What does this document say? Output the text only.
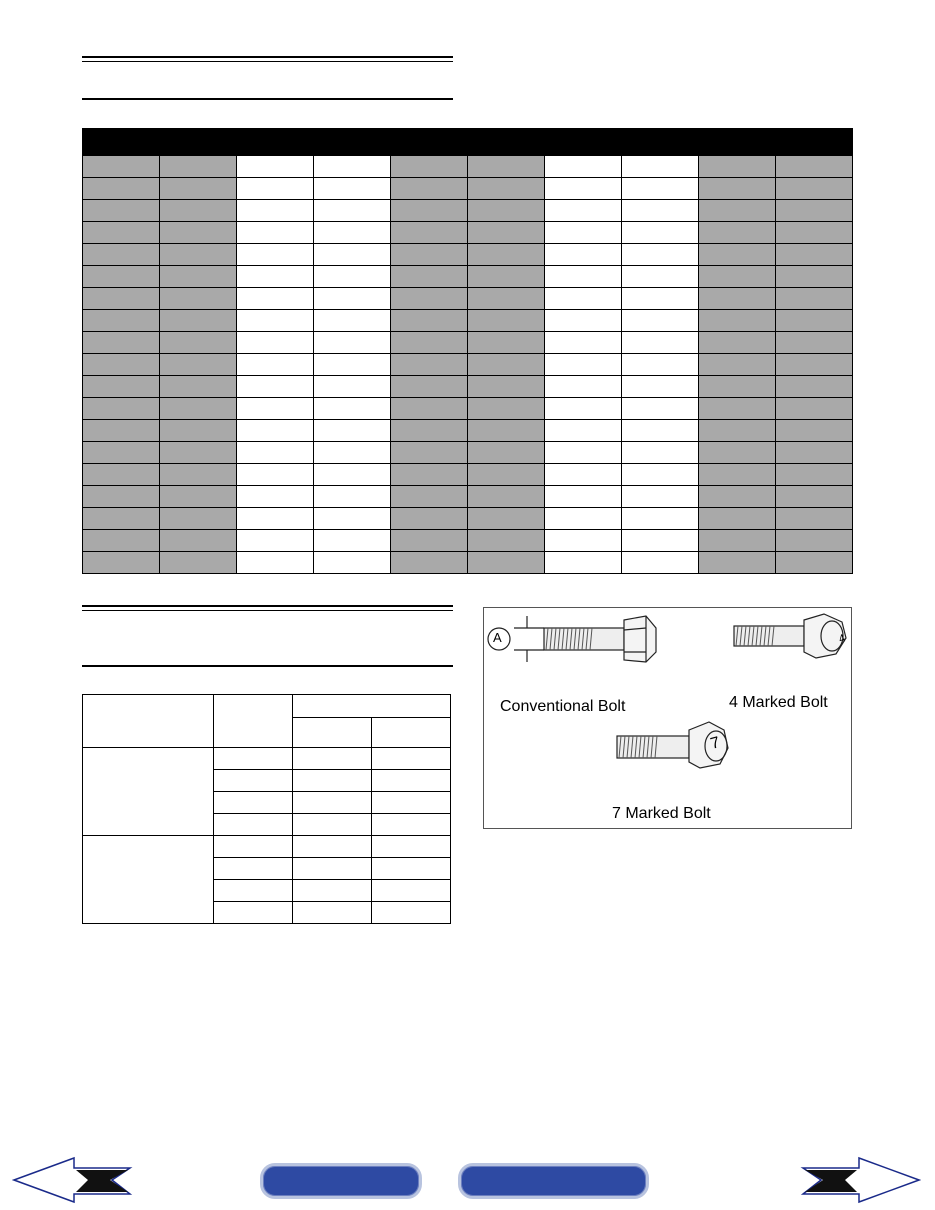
A	4
7
Conventional Bolt	4 Marked Bolt
7 Marked Bolt
